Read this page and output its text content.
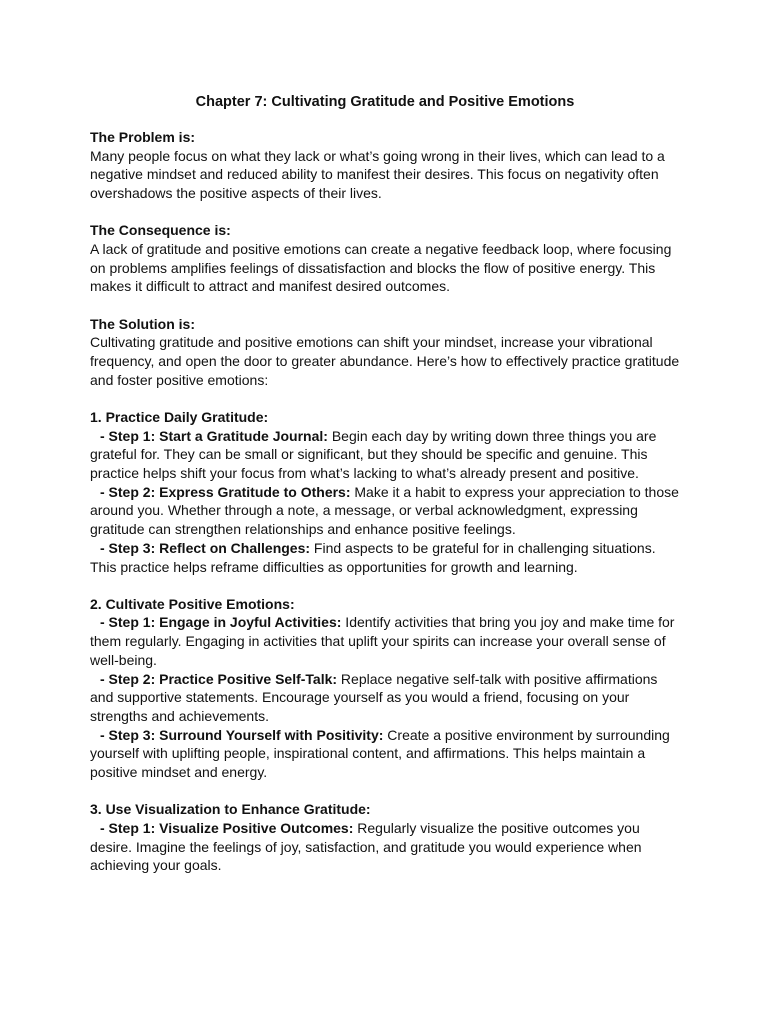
Chapter 7: Cultivating Gratitude and Positive Emotions

The Problem is:

Many people focus on what they lack or what’s going wrong in their lives, which can lead to a negative mindset and reduced ability to manifest their desires. This focus on negativity often overshadows the positive aspects of their lives.

The Consequence is:

A lack of gratitude and positive emotions can create a negative feedback loop, where focusing on problems amplifies feelings of dissatisfaction and blocks the flow of positive energy. This makes it difficult to attract and manifest desired outcomes.

The Solution is:

Cultivating gratitude and positive emotions can shift your mindset, increase your vibrational frequency, and open the door to greater abundance. Here’s how to effectively practice gratitude and foster positive emotions:

1. Practice Daily Gratitude:

- Step 1: Start a Gratitude Journal: Begin each day by writing down three things you are grateful for. They can be small or significant, but they should be specific and genuine. This practice helps shift your focus from what’s lacking to what’s already present and positive.

- Step 2: Express Gratitude to Others: Make it a habit to express your appreciation to those around you. Whether through a note, a message, or verbal acknowledgment, expressing gratitude can strengthen relationships and enhance positive feelings.

- Step 3: Reflect on Challenges: Find aspects to be grateful for in challenging situations. This practice helps reframe difficulties as opportunities for growth and learning.

2. Cultivate Positive Emotions:

- Step 1: Engage in Joyful Activities: Identify activities that bring you joy and make time for them regularly. Engaging in activities that uplift your spirits can increase your overall sense of well-being.

- Step 2: Practice Positive Self-Talk: Replace negative self-talk with positive affirmations and supportive statements. Encourage yourself as you would a friend, focusing on your strengths and achievements.

- Step 3: Surround Yourself with Positivity: Create a positive environment by surrounding yourself with uplifting people, inspirational content, and affirmations. This helps maintain a positive mindset and energy.

3. Use Visualization to Enhance Gratitude:

- Step 1: Visualize Positive Outcomes: Regularly visualize the positive outcomes you desire. Imagine the feelings of joy, satisfaction, and gratitude you would experience when achieving your goals.
